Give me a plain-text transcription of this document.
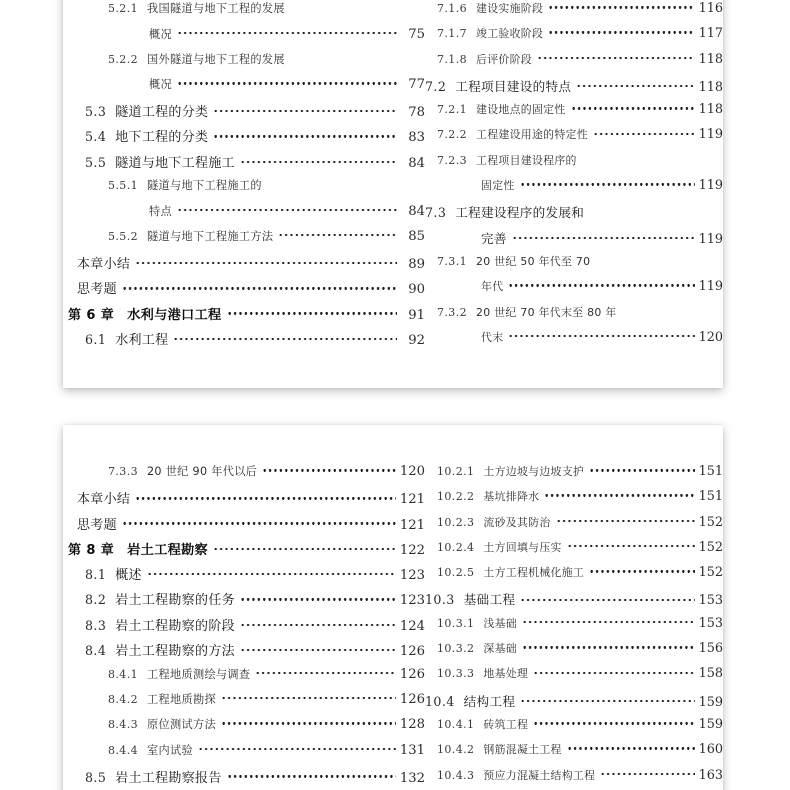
5.2.1 我国隧道与地下工程的发展
概况	75
5.2.2 国外隧道与地下工程的发展
概况	77
5.3 隧道工程的分类	78
5.4 地下工程的分类	83
5.5 隧道与地下工程施工	84
5.5.1 隧道与地下工程施工的
特点	84
5.5.2 隧道与地下工程施工方法	85
本章小结	89
思考题	90
第 6 章 水利与港口工程	91
6.1 水利工程	92
7.1.6 建设实施阶段	116
7.1.7 竣工验收阶段	117
7.1.8 后评价阶段	118
7.2 工程项目建设的特点	118
7.2.1 建设地点的固定性	118
7.2.2 工程建设用途的特定性	119
7.2.3 工程项目建设程序的
固定性	119
7.3 工程建设程序的发展和
完善	119
7.3.1 20 世纪 50 年代至 70
年代	119
7.3.2 20 世纪 70 年代末至 80 年
代末	120
7.3.3 20 世纪 90 年代以后	120
本章小结	121
思考题	121
第 8 章 岩土工程勘察	122
8.1 概述	123
8.2 岩土工程勘察的任务	123
8.3 岩土工程勘察的阶段	124
8.4 岩土工程勘察的方法	126
8.4.1 工程地质测绘与调查	126
8.4.2 工程地质勘探	126
8.4.3 原位测试方法	128
8.4.4 室内试验	131
8.5 岩土工程勘察报告	132
10.2.1 土方边坡与边坡支护	151
10.2.2 基坑排降水	151
10.2.3 流砂及其防治	152
10.2.4 土方回填与压实	152
10.2.5 土方工程机械化施工	152
10.3 基础工程	153
10.3.1 浅基础	153
10.3.2 深基础	156
10.3.3 地基处理	158
10.4 结构工程	159
10.4.1 砖筑工程	159
10.4.2 钢筋混凝土工程	160
10.4.3 预应力混凝土结构工程	163
